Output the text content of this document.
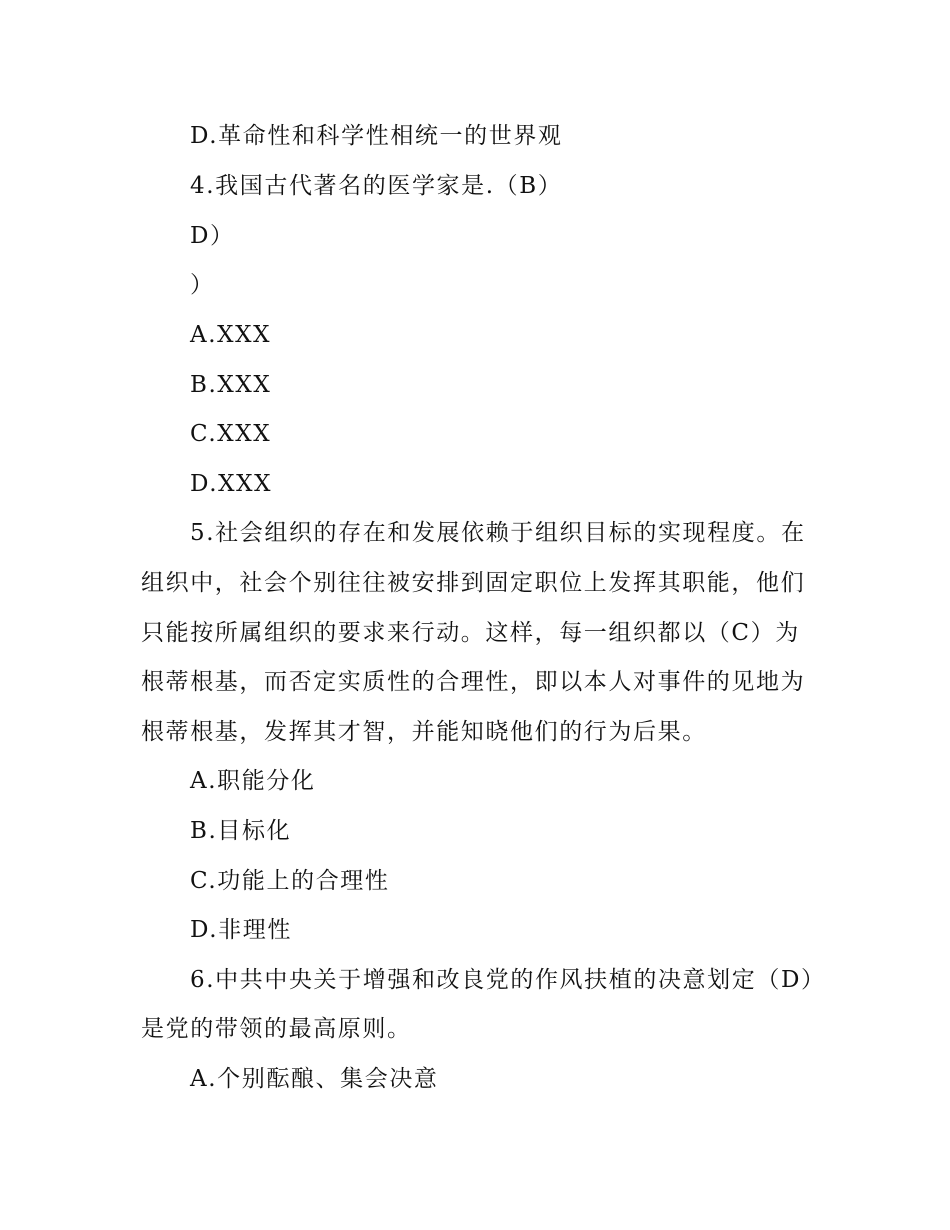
D.革命性和科学性相统一的世界观
4.我国古代著名的医学家是.（B）
D）
）
A.XXX
B.XXX
C.XXX
D.XXX
5.社会组织的存在和发展依赖于组织目标的实现程度。在
组织中，社会个别往往被安排到固定职位上发挥其职能，他们
只能按所属组织的要求来行动。这样，每一组织都以（C）为
根蒂根基，而否定实质性的合理性，即以本人对事件的见地为
根蒂根基，发挥其才智，并能知晓他们的行为后果。
A.职能分化
B.目标化
C.功能上的合理性
D.非理性
6.中共中央关于增强和改良党的作风扶植的决意划定（D）
是党的带领的最高原则。
A.个别酝酿、集会决意
